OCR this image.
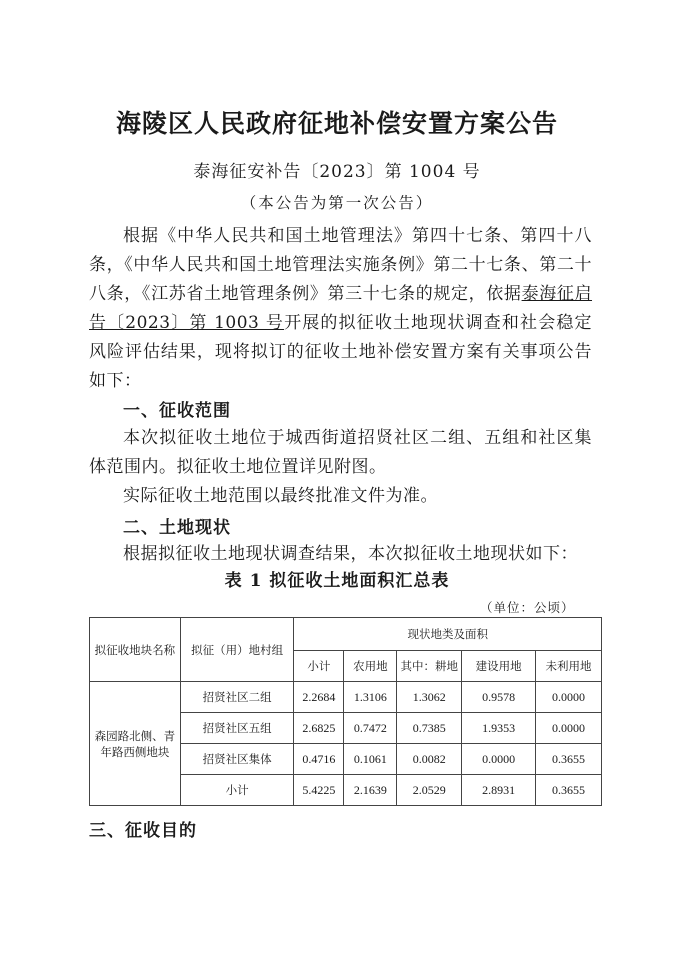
海陵区人民政府征地补偿安置方案公告
泰海征安补告〔2023〕第 1004 号
（本公告为第一次公告）

根据《中华人民共和国土地管理法》第四十七条、第四十八条，《中华人民共和国土地管理法实施条例》第二十七条、第二十八条，《江苏省土地管理条例》第三十七条的规定，依据泰海征启告〔2023〕第 1003 号开展的拟征收土地现状调查和社会稳定风险评估结果，现将拟订的征收土地补偿安置方案有关事项公告如下：

一、征收范围

本次拟征收土地位于城西街道招贤社区二组、五组和社区集体范围内。拟征收土地位置详见附图。

实际征收土地范围以最终批准文件为准。

二、土地现状

根据拟征收土地现状调查结果，本次拟征收土地现状如下：

表 1 拟征收土地面积汇总表
（单位：公顷）
拟征收地块名称	拟征（用）地村组	现状地类及面积				
		小计	农用地	其中：耕地	建设用地	未利用地
森园路北侧、青年路西侧地块	招贤社区二组	2.2684	1.3106	1.3062	0.9578	0.0000
	招贤社区五组	2.6825	0.7472	0.7385	1.9353	0.0000
	招贤社区集体	0.4716	0.1061	0.0082	0.0000	0.3655
	小计	5.4225	2.1639	2.0529	2.8931	0.3655
三、征收目的
